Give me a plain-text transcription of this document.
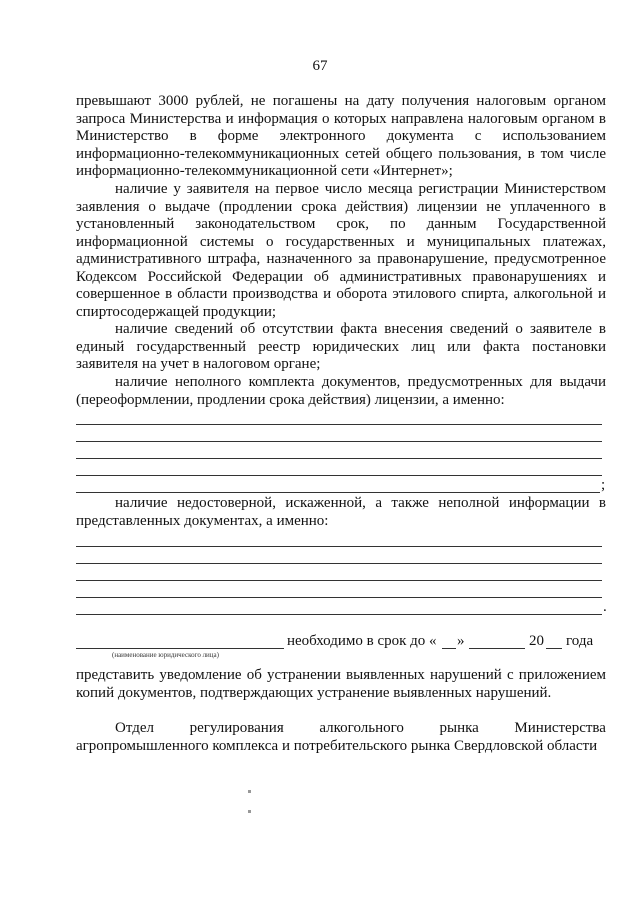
67

превышают 3000 рублей, не погашены на дату получения налоговым органом запроса Министерства и информация о которых направлена налоговым органом в Министерство в форме электронного документа с использованием информационно-телекоммуникационных сетей общего пользования, в том числе информационно-телекоммуникационной сети «Интернет»;

наличие у заявителя на первое число месяца регистрации Министерством заявления о выдаче (продлении срока действия) лицензии не уплаченного в установленный законодательством срок, по данным Государственной информационной системы о государственных и муниципальных платежах, административного штрафа, назначенного за правонарушение, предусмотренное Кодексом Российской Федерации об административных правонарушениях и совершенное в области производства и оборота этилового спирта, алкогольной и спиртосодержащей продукции;

наличие сведений об отсутствии факта внесения сведений о заявителе в единый государственный реестр юридических лиц или факта постановки заявителя на учет в налоговом органе;

наличие неполного комплекта документов, предусмотренных для выдачи (переоформлении, продлении срока действия) лицензии, а именно:

;

наличие недостоверной, искаженной, а также неполной информации в представленных документах, а именно:

.
необходимо в срок до « »	20 года
(наименование юридического лица)

представить уведомление об устранении выявленных нарушений с приложением копий документов, подтверждающих устранение выявленных нарушений.

Отдел регулирования алкогольного рынка Министерства
агропромышленного комплекса и потребительского рынка Свердловской области
